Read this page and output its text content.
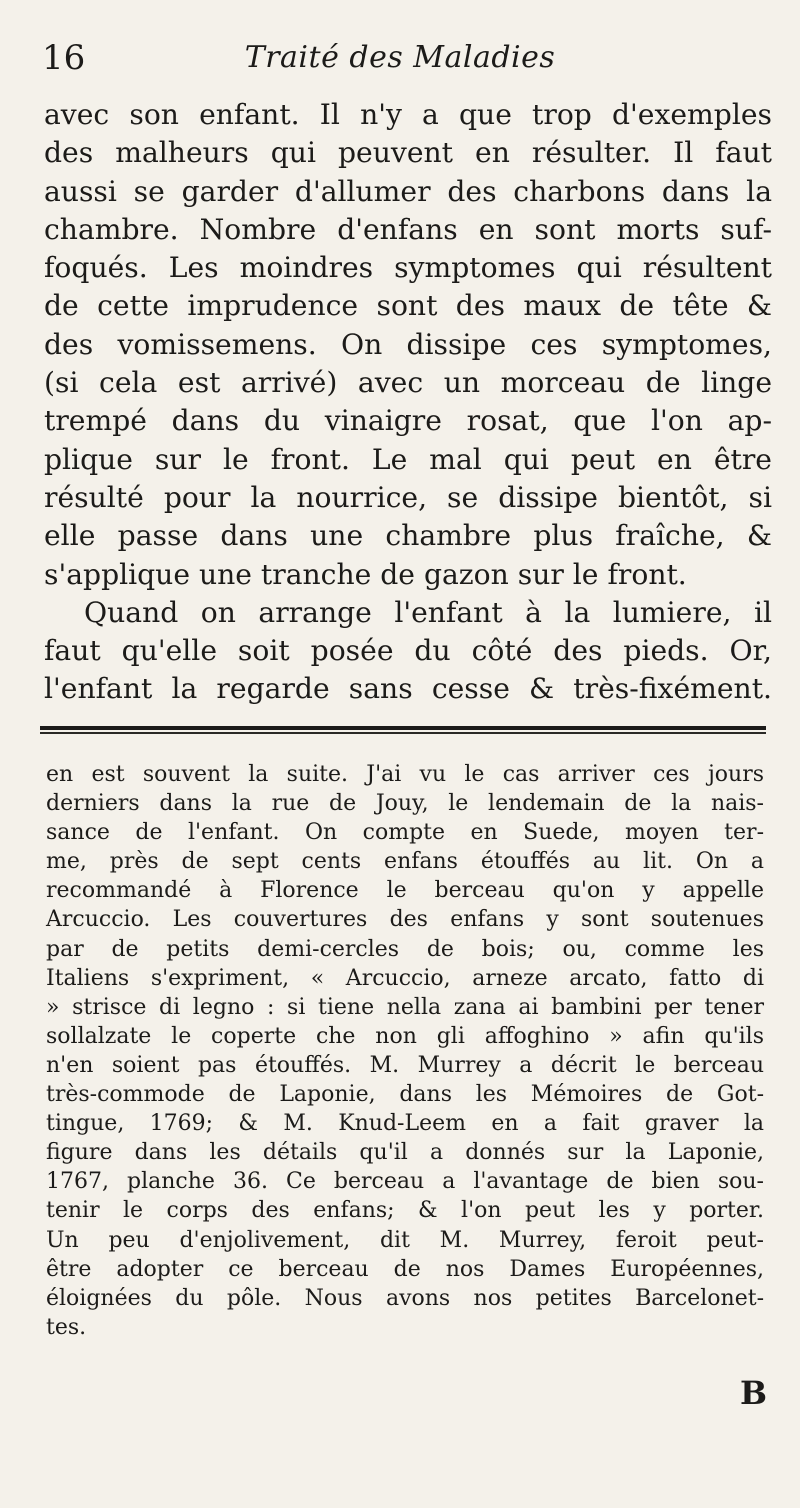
16	Traité des Maladies
avec son enfant. Il n'y a que trop d'exemples
des malheurs qui peuvent en résulter. Il faut
aussi se garder d'allumer des charbons dans la
chambre. Nombre d'enfans en sont morts suf-
foqués. Les moindres symptomes qui résultent
de cette imprudence sont des maux de tête &
des vomissemens. On dissipe ces symptomes,
(si cela est arrivé) avec un morceau de linge
trempé dans du vinaigre rosat, que l'on ap-
plique sur le front. Le mal qui peut en être
résulté pour la nourrice, se dissipe bientôt, si
elle passe dans une chambre plus fraîche, &
s'applique une tranche de gazon sur le front.
Quand on arrange l'enfant à la lumiere, il
faut qu'elle soit posée du côté des pieds. Or,
l'enfant la regarde sans cesse & très-fixément.
en est souvent la suite. J'ai vu le cas arriver ces jours
derniers dans la rue de Jouy, le lendemain de la nais-
sance de l'enfant. On compte en Suede, moyen ter-
me, près de sept cents enfans étouffés au lit. On a
recommandé à Florence le berceau qu'on y appelle
Arcuccio. Les couvertures des enfans y sont soutenues
par de petits demi-cercles de bois; ou, comme les
Italiens s'expriment, « Arcuccio, arneze arcato, fatto di
» strisce di legno : si tiene nella zana ai bambini per tener
sollalzate le coperte che non gli affoghino » afin qu'ils
n'en soient pas étouffés. M. Murrey a décrit le berceau
très-commode de Laponie, dans les Mémoires de Got-
tingue, 1769; & M. Knud-Leem en a fait graver la
figure dans les détails qu'il a donnés sur la Laponie,
1767, planche 36. Ce berceau a l'avantage de bien sou-
tenir le corps des enfans; & l'on peut les y porter.
Un peu d'enjolivement, dit M. Murrey, feroit peut-
être adopter ce berceau de nos Dames Européennes,
éloignées du pôle. Nous avons nos petites Barcelonet-
tes.
B
